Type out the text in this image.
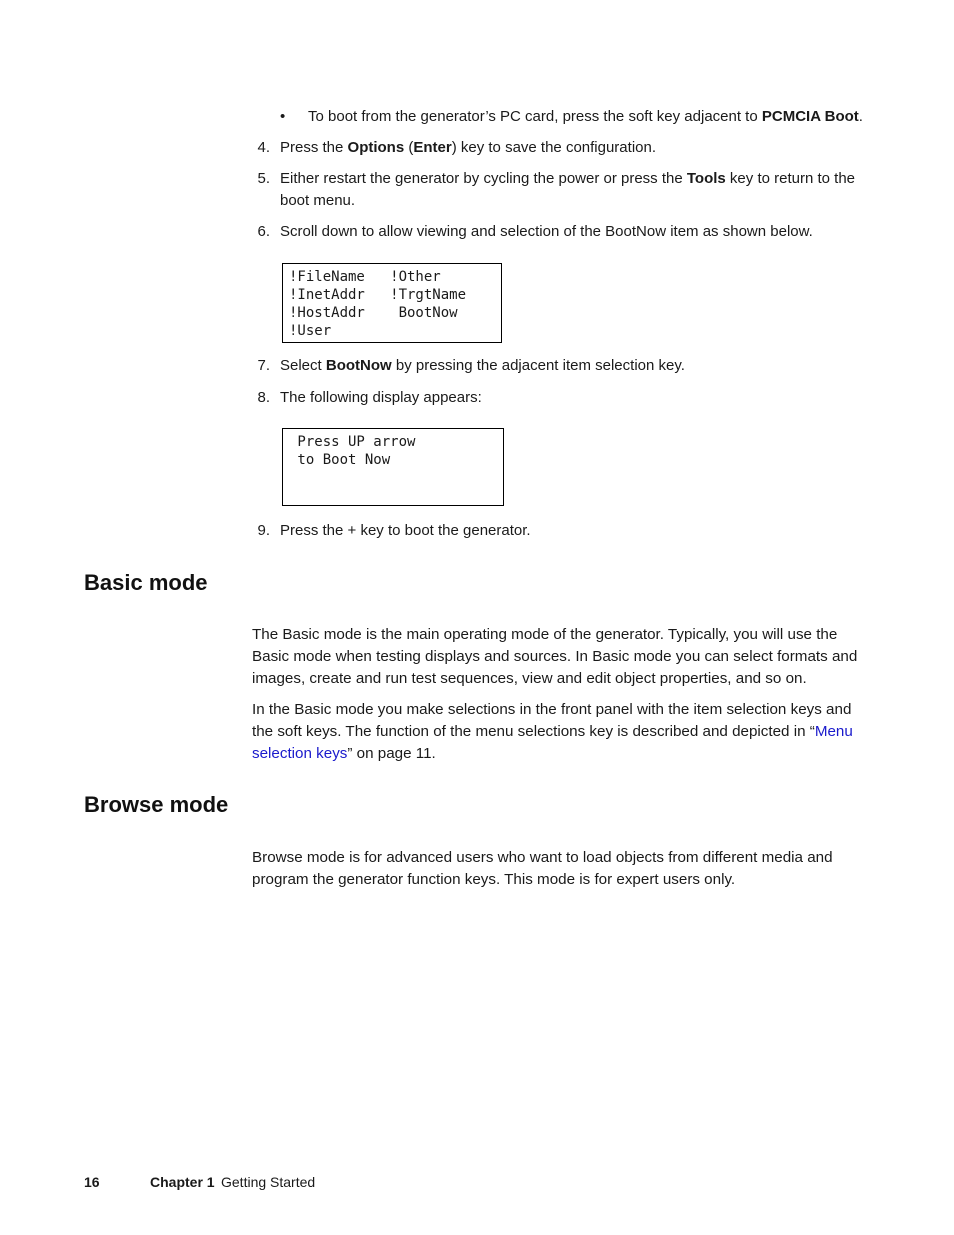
• To boot from the generator’s PC card, press the soft key adjacent to PCMCIA Boot.
4. Press the Options (Enter) key to save the configuration.
5. Either restart the generator by cycling the power or press the Tools key to return to the
boot menu.
6. Scroll down to allow viewing and selection of the BootNow item as shown below.
!FileName   !Other
!InetAddr   !TrgtName
!HostAddr    BootNow
!User
7. Select BootNow by pressing the adjacent item selection key.
8. The following display appears:
Press UP arrow
to Boot Now
9. Press the + key to boot the generator.
Basic mode
The Basic mode is the main operating mode of the generator. Typically, you will use the
Basic mode when testing displays and sources. In Basic mode you can select formats and
images, create and run test sequences, view and edit object properties, and so on.
In the Basic mode you make selections in the front panel with the item selection keys and
the soft keys. The function of the menu selections key is described and depicted in “Menu
selection keys” on page 11.
Browse mode
Browse mode is for advanced users who want to load objects from different media and
program the generator function keys. This mode is for expert users only.
16	Chapter 1 Getting Started
